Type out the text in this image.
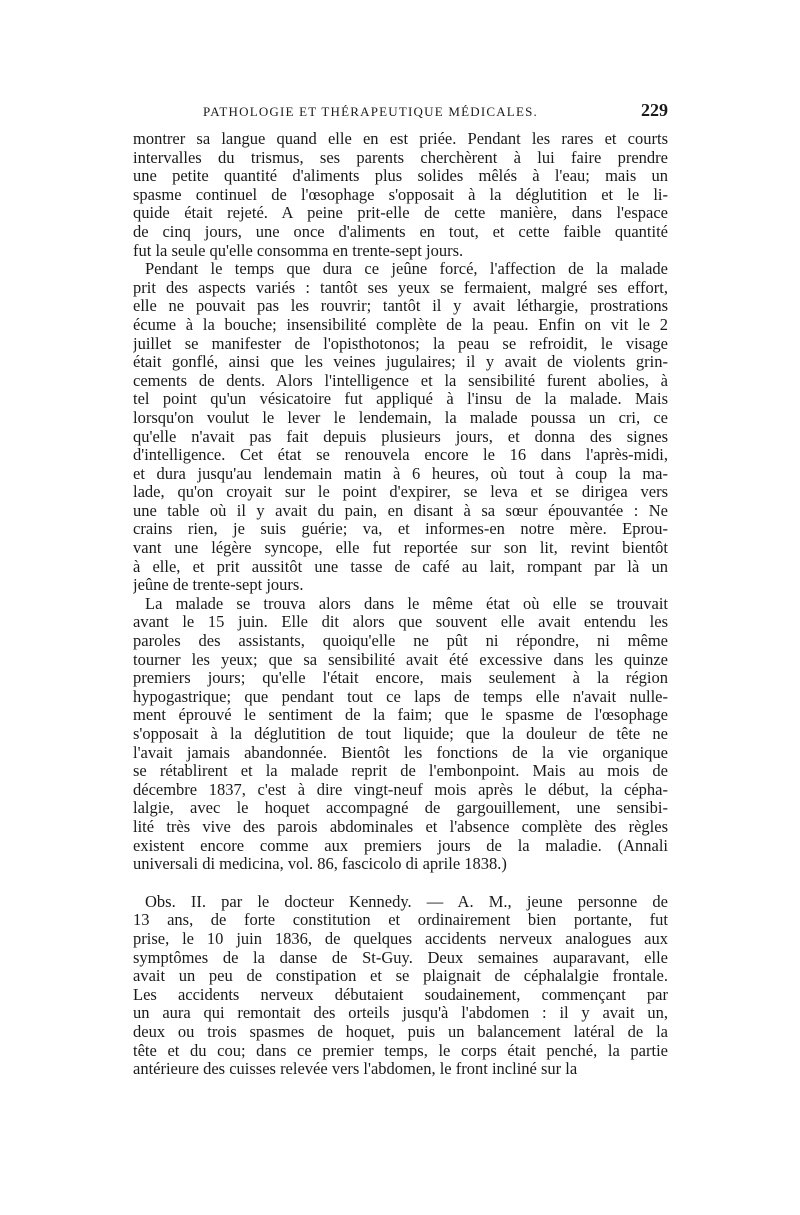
PATHOLOGIE ET THÉRAPEUTIQUE MÉDICALES.	229
montrer sa langue quand elle en est priée. Pendant les rares et courts
intervalles du trismus, ses parents cherchèrent à lui faire prendre
une petite quantité d'aliments plus solides mêlés à l'eau; mais un
spasme continuel de l'œsophage s'opposait à la déglutition et le li-
quide était rejeté. A peine prit-elle de cette manière, dans l'espace
de cinq jours, une once d'aliments en tout, et cette faible quantité
fut la seule qu'elle consomma en trente-sept jours.
Pendant le temps que dura ce jeûne forcé, l'affection de la malade
prit des aspects variés : tantôt ses yeux se fermaient, malgré ses effort,
elle ne pouvait pas les rouvrir; tantôt il y avait léthargie, prostrations
écume à la bouche; insensibilité complète de la peau. Enfin on vit le 2
juillet se manifester de l'opisthotonos; la peau se refroidit, le visage
était gonflé, ainsi que les veines jugulaires; il y avait de violents grin-
cements de dents. Alors l'intelligence et la sensibilité furent abolies, à
tel point qu'un vésicatoire fut appliqué à l'insu de la malade. Mais
lorsqu'on voulut le lever le lendemain, la malade poussa un cri, ce
qu'elle n'avait pas fait depuis plusieurs jours, et donna des signes
d'intelligence. Cet état se renouvela encore le 16 dans l'après-midi,
et dura jusqu'au lendemain matin à 6 heures, où tout à coup la ma-
lade, qu'on croyait sur le point d'expirer, se leva et se dirigea vers
une table où il y avait du pain, en disant à sa sœur épouvantée : Ne
crains rien, je suis guérie; va, et informes-en notre mère. Eprou-
vant une légère syncope, elle fut reportée sur son lit, revint bientôt
à elle, et prit aussitôt une tasse de café au lait, rompant par là un
jeûne de trente-sept jours.
La malade se trouva alors dans le même état où elle se trouvait
avant le 15 juin. Elle dit alors que souvent elle avait entendu les
paroles des assistants, quoiqu'elle ne pût ni répondre, ni même
tourner les yeux; que sa sensibilité avait été excessive dans les quinze
premiers jours; qu'elle l'était encore, mais seulement à la région
hypogastrique; que pendant tout ce laps de temps elle n'avait nulle-
ment éprouvé le sentiment de la faim; que le spasme de l'œsophage
s'opposait à la déglutition de tout liquide; que la douleur de tête ne
l'avait jamais abandonnée. Bientôt les fonctions de la vie organique
se rétablirent et la malade reprit de l'embonpoint. Mais au mois de
décembre 1837, c'est à dire vingt-neuf mois après le début, la cépha-
lalgie, avec le hoquet accompagné de gargouillement, une sensibi-
lité très vive des parois abdominales et l'absence complète des règles
existent encore comme aux premiers jours de la maladie. (Annali
universali di medicina, vol. 86, fascicolo di aprile 1838.)
Obs. II. par le docteur Kennedy. — A. M., jeune personne de
13 ans, de forte constitution et ordinairement bien portante, fut
prise, le 10 juin 1836, de quelques accidents nerveux analogues aux
symptômes de la danse de St-Guy. Deux semaines auparavant, elle
avait un peu de constipation et se plaignait de céphalalgie frontale.
Les accidents nerveux débutaient soudainement, commençant par
un aura qui remontait des orteils jusqu'à l'abdomen : il y avait un,
deux ou trois spasmes de hoquet, puis un balancement latéral de la
tête et du cou; dans ce premier temps, le corps était penché, la partie
antérieure des cuisses relevée vers l'abdomen, le front incliné sur la
